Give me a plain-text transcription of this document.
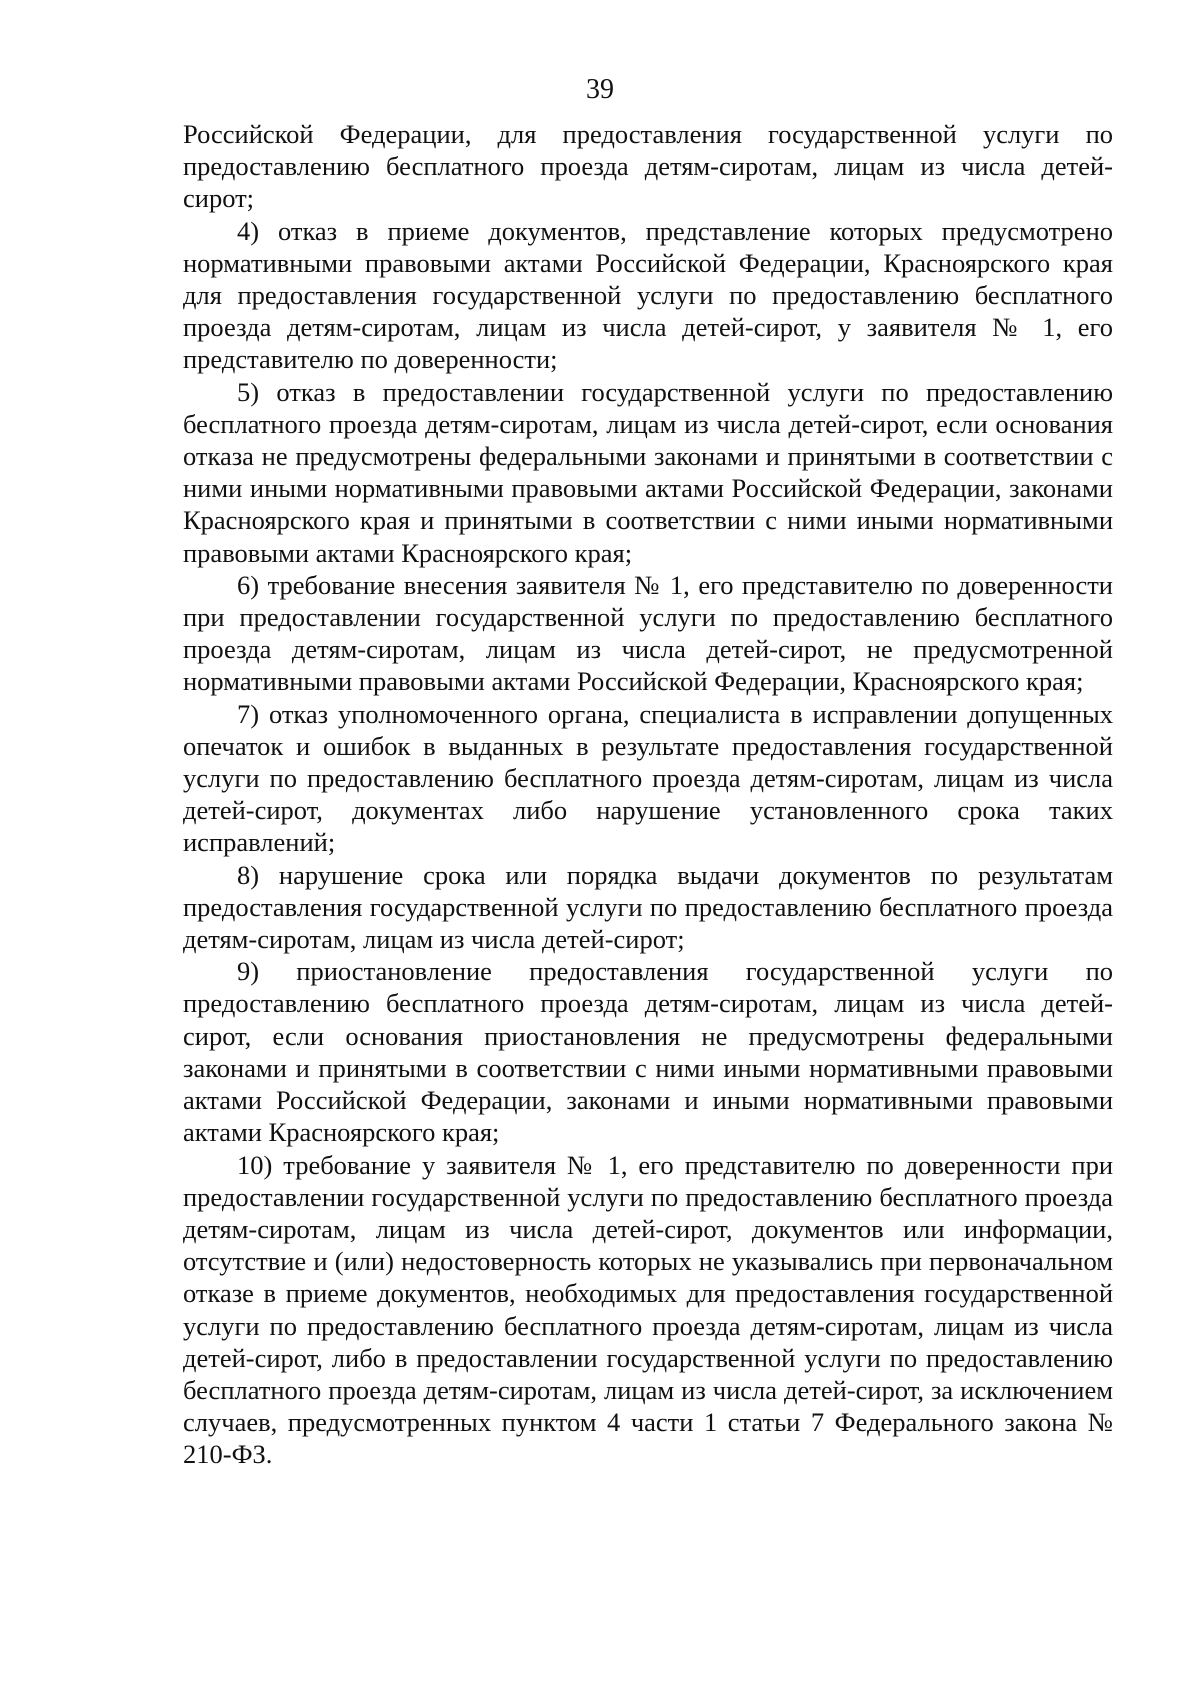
39

Российской Федерации, для предоставления государственной услуги по предоставлению бесплатного проезда детям-сиротам, лицам из числа детей-сирот;

4) отказ в приеме документов, представление которых предусмотрено нормативными правовыми актами Российской Федерации, Красноярского края для предоставления государственной услуги по предоставлению бесплатного проезда детям-сиротам, лицам из числа детей-сирот, у заявителя № 1, его представителю по доверенности;

5) отказ в предоставлении государственной услуги по предоставлению бесплатного проезда детям-сиротам, лицам из числа детей-сирот, если основания отказа не предусмотрены федеральными законами и принятыми в соответствии с ними иными нормативными правовыми актами Российской Федерации, законами Красноярского края и принятыми в соответствии с ними иными нормативными правовыми актами Красноярского края;

6) требование внесения заявителя № 1, его представителю по доверенности при предоставлении государственной услуги по предоставлению бесплатного проезда детям-сиротам, лицам из числа детей-сирот, не предусмотренной нормативными правовыми актами Российской Федерации, Красноярского края;

7) отказ уполномоченного органа, специалиста в исправлении допущенных опечаток и ошибок в выданных в результате предоставления государственной услуги по предоставлению бесплатного проезда детям-сиротам, лицам из числа детей-сирот, документах либо нарушение установленного срока таких исправлений;

8) нарушение срока или порядка выдачи документов по результатам предоставления государственной услуги по предоставлению бесплатного проезда детям-сиротам, лицам из числа детей-сирот;

9) приостановление предоставления государственной услуги по предоставлению бесплатного проезда детям-сиротам, лицам из числа детей-сирот, если основания приостановления не предусмотрены федеральными законами и принятыми в соответствии с ними иными нормативными правовыми актами Российской Федерации, законами и иными нормативными правовыми актами Красноярского края;

10) требование у заявителя № 1, его представителю по доверенности при предоставлении государственной услуги по предоставлению бесплатного проезда детям-сиротам, лицам из числа детей-сирот, документов или информации, отсутствие и (или) недостоверность которых не указывались при первоначальном отказе в приеме документов, необходимых для предоставления государственной услуги по предоставлению бесплатного проезда детям-сиротам, лицам из числа детей-сирот, либо в предоставлении государственной услуги по предоставлению бесплатного проезда детям-сиротам, лицам из числа детей-сирот, за исключением случаев, предусмотренных пунктом 4 части 1 статьи 7 Федерального закона № 210-ФЗ.
